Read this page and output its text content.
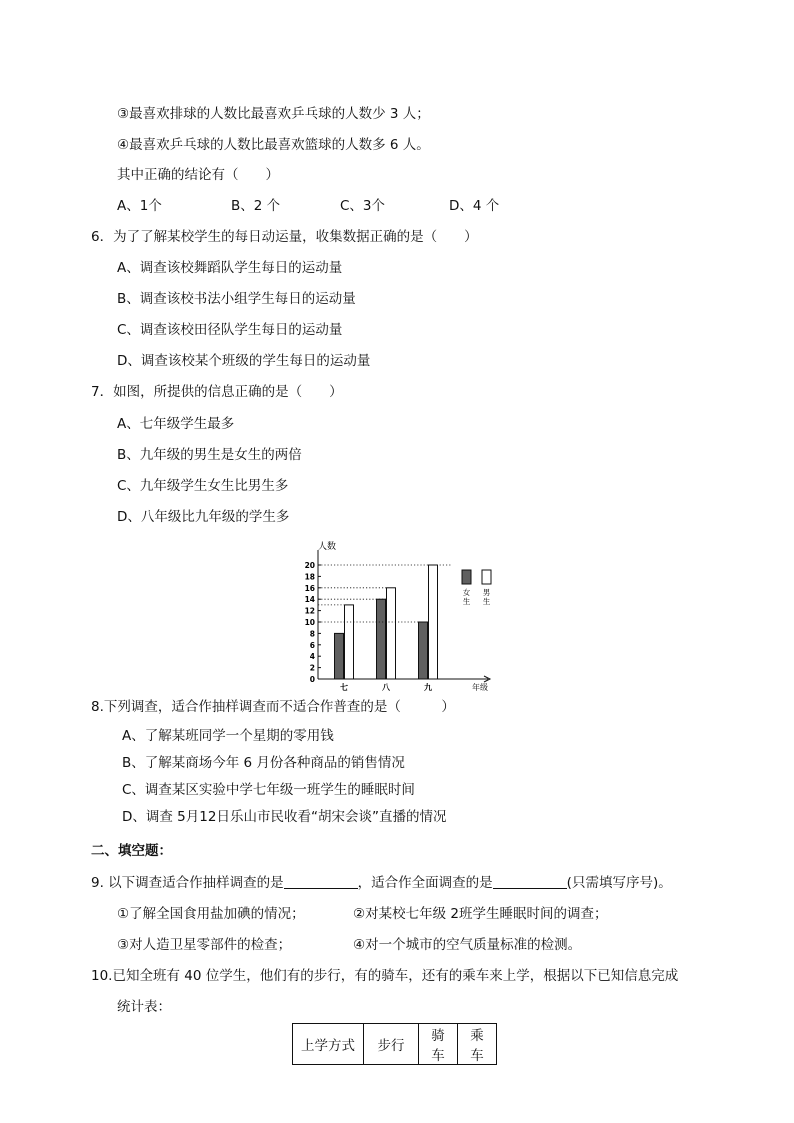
③最喜欢排球的人数比最喜欢乒乓球的人数少 3 人；
④最喜欢乒乓球的人数比最喜欢篮球的人数多 6 人。
其中正确的结论有（　　）
A、1个	B、2 个	C、3个	D、4 个
6．为了了解某校学生的每日动运量，收集数据正确的是（　　）
A、调查该校舞蹈队学生每日的运动量
B、调查该校书法小组学生每日的运动量
C、调查该校田径队学生每日的运动量
D、调查该校某个班级的学生每日的运动量
7．如图，所提供的信息正确的是（　　）
A、七年级学生最多
B、九年级的男生是女生的两倍
C、九年级学生女生比男生多
D、八年级比九年级的学生多
人数
年级
0
2
4
6
8
10
12
14
16
18
20
七	八	九
女
生
男
生
8.下列调查，适合作抽样调查而不适合作普查的是（　　　）
A、了解某班同学一个星期的零用钱
B、了解某商场今年 6 月份各种商品的销售情况
C、调查某区实验中学七年级一班学生的睡眠时间
D、调查 5月12日乐山市民收看“胡宋会谈”直播的情况
二、填空题：
9. 以下调查适合作抽样调查的是	，适合作全面调查的是	(只需填写序号)。
①了解全国食用盐加碘的情况；	②对某校七年级 2班学生睡眠时间的调查；
③对人造卫星零部件的检查；	④对一个城市的空气质量标准的检测。
10.已知全班有 40 位学生，他们有的步行，有的骑车，还有的乘车来上学，根据以下已知信息完成
统计表：
上学方式	步行	骑车	乘车
